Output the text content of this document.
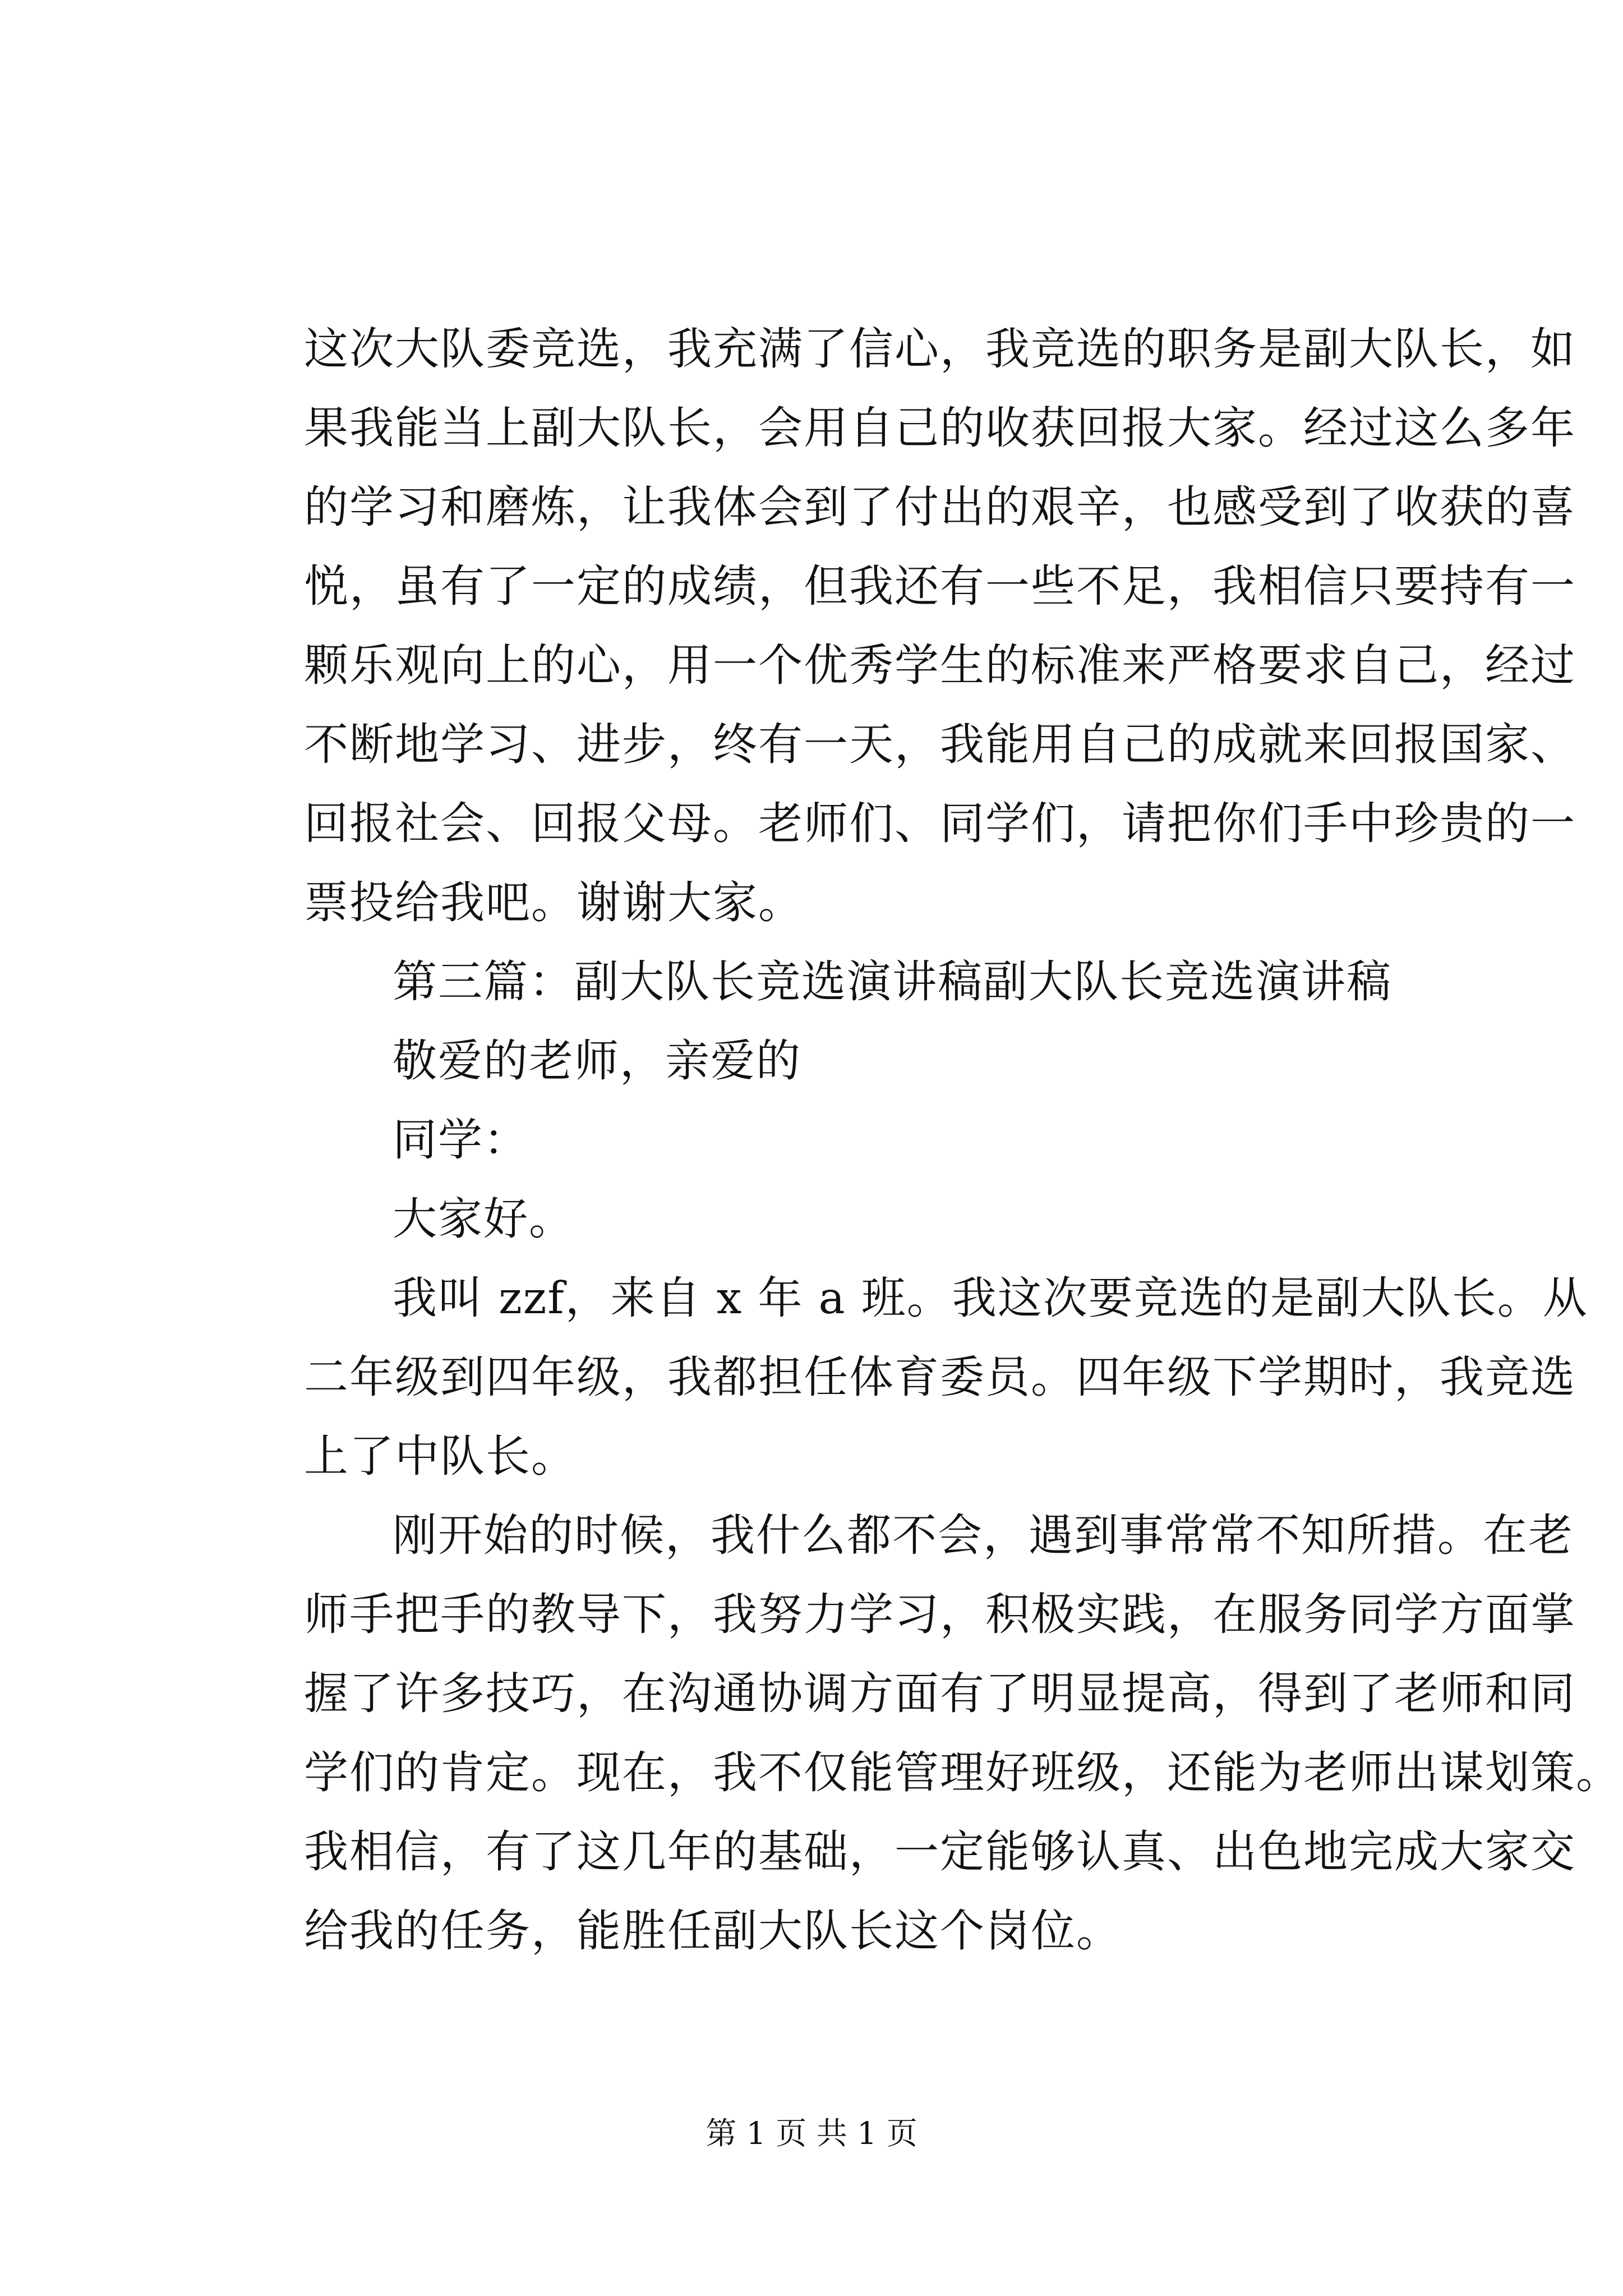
这次大队委竞选，我充满了信心，我竞选的职务是副大队长，如
果我能当上副大队长，会用自己的收获回报大家。经过这么多年
的学习和磨炼，让我体会到了付出的艰辛，也感受到了收获的喜
悦，虽有了一定的成绩，但我还有一些不足，我相信只要持有一
颗乐观向上的心，用一个优秀学生的标准来严格要求自己，经过
不断地学习、进步，终有一天，我能用自己的成就来回报国家、
回报社会、回报父母。老师们、同学们，请把你们手中珍贵的一
票投给我吧。谢谢大家。
第三篇：副大队长竞选演讲稿副大队长竞选演讲稿
敬爱的老师，亲爱的
同学：
大家好。
我叫 zzf，来自 x 年 a 班。我这次要竞选的是副大队长。从
二年级到四年级，我都担任体育委员。四年级下学期时，我竞选
上了中队长。
刚开始的时候，我什么都不会，遇到事常常不知所措。在老
师手把手的教导下，我努力学习，积极实践，在服务同学方面掌
握了许多技巧，在沟通协调方面有了明显提高，得到了老师和同
学们的肯定。现在，我不仅能管理好班级，还能为老师出谋划策。
我相信，有了这几年的基础，一定能够认真、出色地完成大家交
给我的任务，能胜任副大队长这个岗位。
第 1 页 共 1 页
